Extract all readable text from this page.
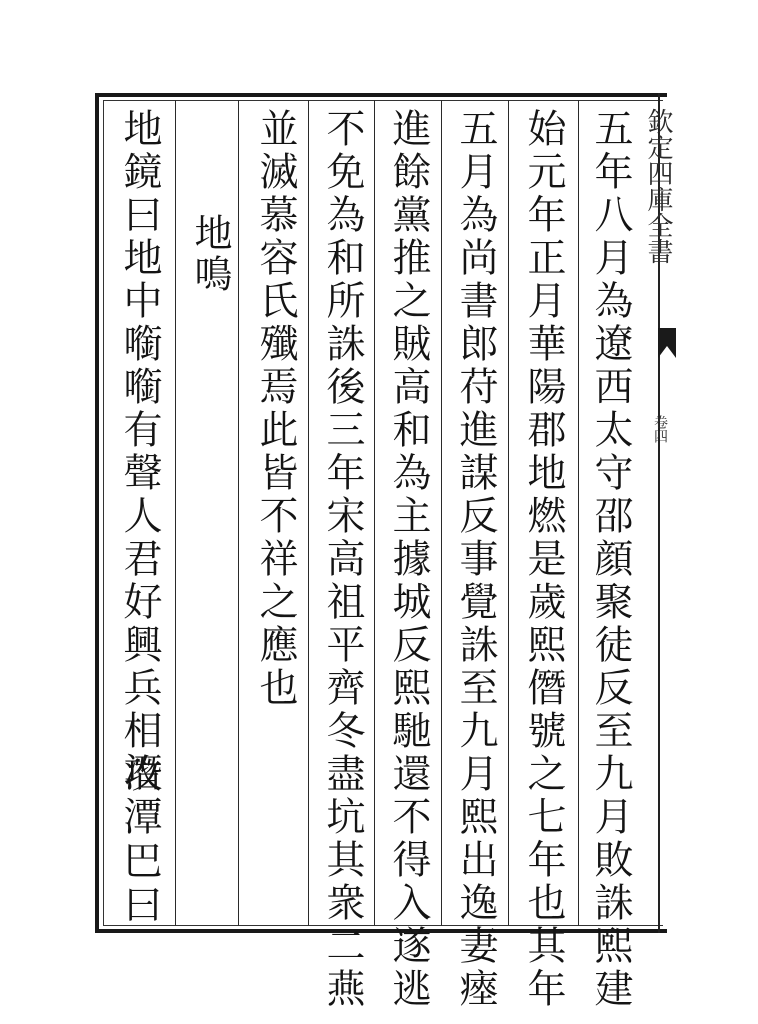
欽定四庫全書
卷四
五年八月為遼西太守邵顔聚徒反至九月敗誅熙建
始元年正月華陽郡地燃是歲熙僭號之七年也其年
五月為尚書郎苻進謀反事覺誅至九月熙出逸妻瘞
進餘黨推之賊高和為主據城反熙馳還不得入遂逃
不免為和所誅後三年宋高祖平齊冬盡坑其衆二燕
並滅慕容氏殲焉此皆不祥之應也
地鳴
地鏡曰地中㘅㘅有聲人君好興兵相攻
潛潭巴曰
